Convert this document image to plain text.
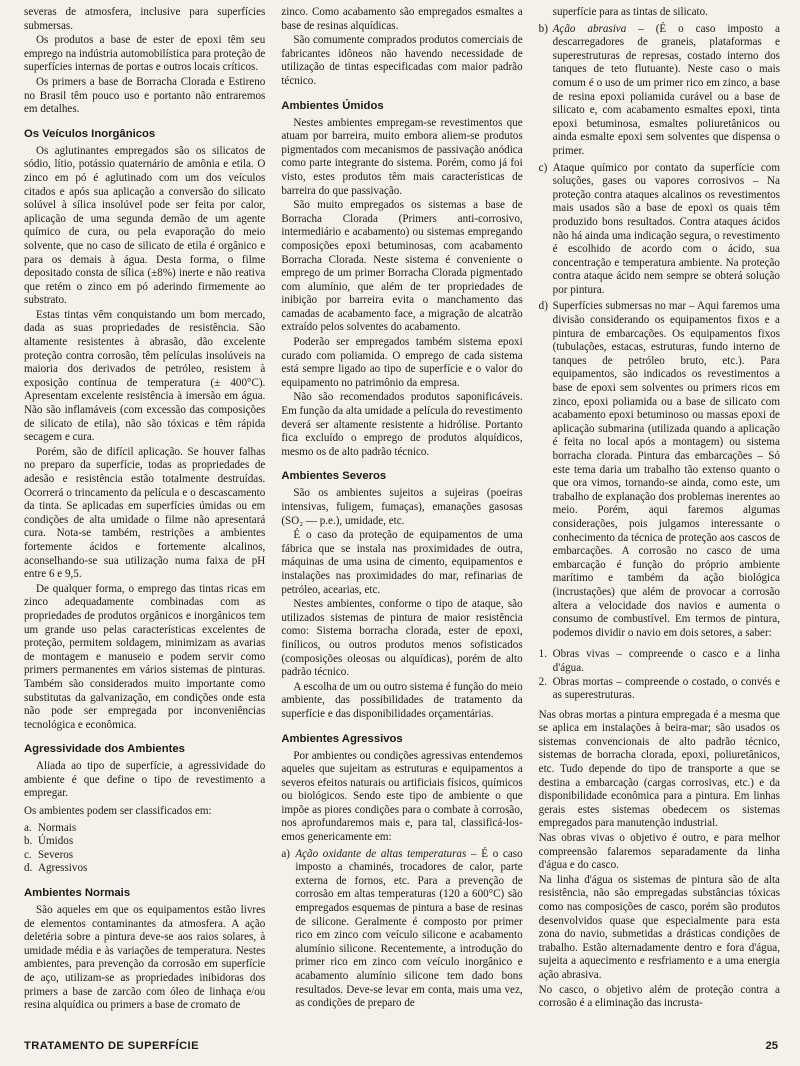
severas de atmosfera, inclusive para superfícies submersas.

Os produtos a base de ester de epoxi têm seu emprego na indústria automobilística para proteção de superfícies internas de portas e outros locais críticos.

Os primers a base de Borracha Clorada e Estireno no Brasil têm pouco uso e portanto não entraremos em detalhes.

Os Veículos Inorgânicos

Os aglutinantes empregados são os silicatos de sódio, lítio, potássio quaternário de amônia e etila. O zinco em pó é aglutinado com um dos veículos citados e após sua aplicação a conversão do silicato solúvel à sílica insolúvel pode ser feita por calor, aplicação de uma segunda demão de um agente químico de cura, ou pela evaporação do meio solvente, que no caso de silicato de etila é orgânico e para os demais à água. Desta forma, o filme depositado consta de sílica (±8%) inerte e não reativa que retém o zinco em pó aderindo firmemente ao substrato.

Estas tintas vêm conquistando um bom mercado, dada as suas propriedades de resistência. São altamente resistentes à abrasão, dão excelente proteção contra corrosão, têm películas insolúveis na maioria dos derivados de petróleo, resistem à exposição contínua de temperatura (± 400°C). Apresentam excelente resistência à imersão em água. Não são inflamáveis (com excessão das composições de silicato de etila), não são tóxicas e têm rápida secagem e cura.

Porém, são de difícil aplicação. Se houver falhas no preparo da superfície, todas as propriedades de adesão e resistência estão totalmente destruídas. Ocorrerá o trincamento da película e o descascamento da tinta. Se aplicadas em superfícies úmidas ou em condições de alta umidade o filme não apresentará cura. Nota-se também, restrições a ambientes fortemente ácidos e fortemente alcalinos, aconselhando-se sua utilização numa faixa de pH entre 6 e 9,5.

De qualquer forma, o emprego das tintas ricas em zinco adequadamente combinadas com as propriedades de produtos orgânicos e inorgânicos tem um grande uso pelas características excelentes de proteção, permitem soldagem, minimizam as avarias de montagem e manuseio e podem servir como primers permanentes em vários sistemas de pinturas. Também são considerados muito importante como substitutas da galvanização, em condições onde esta não pode ser empregada por inconveniências tecnológica e econômica.

Agressividade dos Ambientes

Aliada ao tipo de superfície, a agressividade do ambiente é que define o tipo de revestimento a empregar.

Os ambientes podem ser classificados em:

a. Normais
b. Úmidos
c. Severos
d. Agressivos
Ambientes Normais

São aqueles em que os equipamentos estão livres de elementos contaminantes da atmosfera. A ação deletéria sobre a pintura deve-se aos raios solares, à umidade média e às variações de temperatura. Nestes ambientes, para prevenção da corrosão em superfície de aço, utilizam-se as propriedades inibidoras dos primers a base de zarcão com óleo de linhaça e/ou resina alquídica ou primers a base de cromato de

zinco. Como acabamento são empregados esmaltes a base de resinas alquídicas.

São comumente comprados produtos comerciais de fabricantes idôneos não havendo necessidade de utilização de tintas especificadas com maior padrão técnico.

Ambientes Úmidos

Nestes ambientes empregam-se revestimentos que atuam por barreira, muito embora aliem-se produtos pigmentados com mecanismos de passivação anódica como parte integrante do sistema. Porém, como já foi visto, estes produtos têm mais características de barreira do que passivação.

São muito empregados os sistemas a base de Borracha Clorada (Primers anti-corrosivo, intermediário e acabamento) ou sistemas empregando composições epoxi betuminosas, com acabamento Borracha Clorada. Neste sistema é conveniente o emprego de um primer Borracha Clorada pigmentado com alumínio, que além de ter propriedades de inibição por barreira evita o manchamento das camadas de acabamento face, a migração de alcatrão extraído pelos solventes do acabamento.

Poderão ser empregados também sistema epoxi curado com poliamida. O emprego de cada sistema está sempre ligado ao tipo de superfície e o valor do equipamento no patrimônio da empresa.

Não são recomendados produtos saponificáveis. Em função da alta umidade a película do revestimento deverá ser altamente resistente a hidrólise. Portanto fica excluído o emprego de produtos alquídicos, mesmo os de alto padrão técnico.

Ambientes Severos

São os ambientes sujeitos a sujeiras (poeiras intensivas, fuligem, fumaças), emanações gasosas (SO₂ — p.e.), umidade, etc.

É o caso da proteção de equipamentos de uma fábrica que se instala nas proximidades de outra, máquinas de uma usina de cimento, equipamentos e instalações nas proximidades do mar, refinarias de petróleo, acearias, etc.

Nestes ambientes, conforme o tipo de ataque, são utilizados sistemas de pintura de maior resistência como: Sistema borracha clorada, ester de epoxi, finílicos, ou outros produtos menos sofisticados (composições oleosas ou alquídicas), porém de alto padrão técnico.

A escolha de um ou outro sistema é função do meio ambiente, das possibilidades de tratamento da superfície e das disponibilidades orçamentárias.

Ambientes Agressivos

Por ambientes ou condições agressivas entendemos aqueles que sujeitam as estruturas e equipamentos a severos efeitos naturais ou artificiais físicos, químicos ou biológicos. Sendo este tipo de ambiente o que impõe as piores condições para o combate à corrosão, nos aprofundaremos mais e, para tal, classificá-los-emos genericamente em:

a) Ação oxidante de altas temperaturas – É o caso imposto a chaminés, trocadores de calor, parte externa de fornos, etc. Para a prevenção de corrosão em altas temperaturas (120 a 600°C) são empregados esquemas de pintura a base de resinas de silicone. Geralmente é composto por primer rico em zinco com veículo silicone e acabamento alumínio silicone. Recentemente, a introdução do primer rico em zinco com veículo inorgânico e acabamento alumínio silicone tem dado bons resultados. Deve-se levar em conta, mais uma vez, as condições de preparo de

superfície para as tintas de silicato.

b) Ação abrasiva – (É o caso imposto a descarregadores de graneis, plataformas e superestruturas de represas, costado interno dos tanques de teto flutuante). Neste caso o mais comum é o uso de um primer rico em zinco, a base de resina epoxi poliamida curável ou a base de silicato e, com acabamento esmaltes epoxi, tinta epoxi betuminosa, esmaltes poliuretânicos ou ainda esmalte epoxi sem solventes que dispensa o primer.
c) Ataque químico por contato da superfície com soluções, gases ou vapores corrosivos – Na proteção contra ataques alcalinos os revestimentos mais usados são a base de epoxi os quais têm produzido bons resultados. Contra ataques ácidos não há ainda uma indicação segura, o revestimento é escolhido de acordo com o ácido, sua concentração e temperatura ambiente. Na proteção contra ataque ácido nem sempre se obterá solução por pintura.
d) Superfícies submersas no mar – Aqui faremos uma divisão considerando os equipamentos fixos e a pintura de embarcações. Os equipamentos fixos (tubulações, estacas, estruturas, fundo interno de tanques de petróleo bruto, etc.). Para equipamentos, são indicados os revestimentos a base de epoxi sem solventes ou primers ricos em zinco, epoxi poliamida ou a base de silicato com acabamento epoxi betuminoso ou massas epoxi de aplicação submarina (utilizada quando a aplicação é feita no local após a montagem) ou sistema borracha clorada. Pintura das embarcações – Só este tema daria um trabalho tão extenso quanto o que ora vimos, tornando-se ainda, como este, um trabalho de explanação dos problemas inerentes ao meio. Porém, aqui faremos algumas considerações, pois julgamos interessante o conhecimento da técnica de proteção aos cascos de embarcações. A corrosão no casco de uma embarcação é função do próprio ambiente marítimo e também da ação biológica (incrustações) que além de provocar a corrosão altera a velocidade dos navios e aumenta o consumo de combustível. Em termos de pintura, podemos dividir o navio em dois setores, a saber:
1. Obras vivas – compreende o casco e a linha d'água.
2. Obras mortas – compreende o costado, o convés e as superestruturas.

Nas obras mortas a pintura empregada é a mesma que se aplica em instalações à beira-mar; são usados os sistemas convencionais de alto padrão técnico, sistemas de borracha clorada, epoxi, poliuretânicos, etc. Tudo depende do tipo de transporte a que se destina a embarcação (cargas corrosivas, etc.) e da disponibilidade econômica para a pintura. Em linhas gerais estes sistemas obedecem os sistemas empregados para manutenção industrial.

Nas obras vivas o objetivo é outro, e para melhor compreensão falaremos separadamente da linha d'água e do casco.

Na linha d'água os sistemas de pintura são de alta resistência, não são empregadas substâncias tóxicas como nas composições de casco, porém são produtos desenvolvidos quase que especialmente para esta zona do navio, submetidas a drásticas condições de trabalho. Estão alternadamente dentro e fora d'água, sujeita a aquecimento e resfriamento e a uma energia ação abrasiva.

No casco, o objetivo além de proteção contra a corrosão é a eliminação das incrusta-

TRATAMENTO DE SUPERFÍCIE	25
